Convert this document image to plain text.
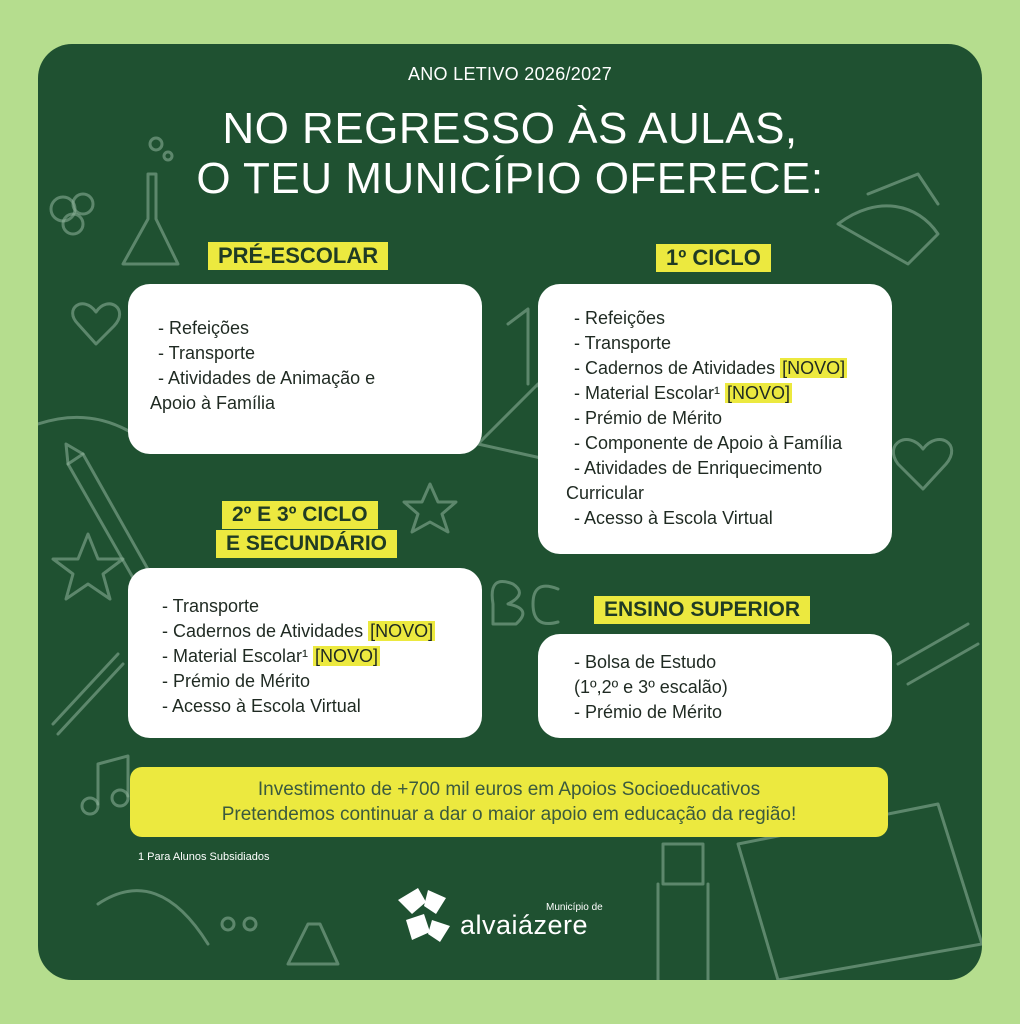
ANO LETIVO 2026/2027
NO REGRESSO ÀS AULAS,
O TEU MUNICÍPIO OFERECE:
PRÉ-ESCOLAR
- Refeições
- Transporte
- Atividades de Animação e
Apoio à Família
1º CICLO
- Refeições
- Transporte
- Cadernos de Atividades [NOVO]
- Material Escolar¹ [NOVO]
- Prémio de Mérito
- Componente de Apoio à Família
- Atividades de Enriquecimento
Curricular
- Acesso à Escola Virtual
2º E 3º CICLO
E SECUNDÁRIO
- Transporte
- Cadernos de Atividades [NOVO]
- Material Escolar¹ [NOVO]
- Prémio de Mérito
- Acesso à Escola Virtual
ENSINO SUPERIOR
- Bolsa de Estudo
(1º,2º e 3º escalão)
- Prémio de Mérito
Investimento de +700 mil euros em Apoios Socioeducativos
Pretendemos continuar a dar o maior apoio em educação da região!
1 Para Alunos Subsidiados
Município de
alvaiázere
